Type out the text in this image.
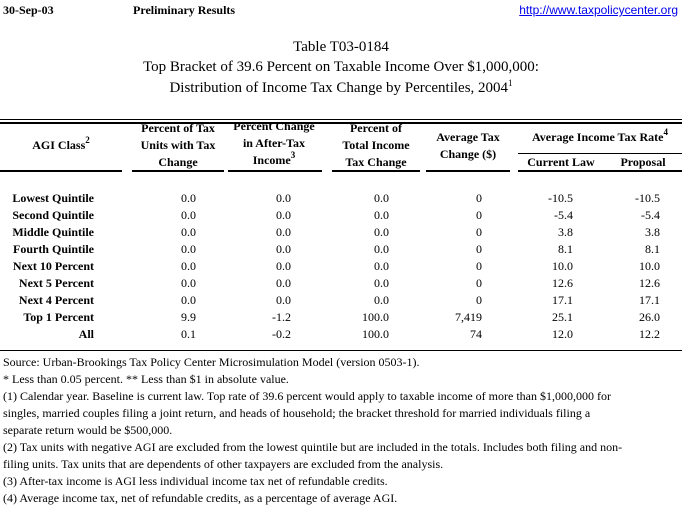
30-Sep-03	Preliminary Results	http://www.taxpolicycenter.org
Table T03-0184
Top Bracket of 39.6 Percent on Taxable Income Over $1,000,000:
Distribution of Income Tax Change by Percentiles, 2004$^1$
AGI Class$^2$
Percent of Tax
Units with Tax
Change
Percent Change
in After-Tax
Income$^3$
Percent of
Total Income
Tax Change
Average Tax
Change ($)
Average Income Tax Rate$^4$
Current Law	Proposal
Lowest Quintile	0.0	0.0	0.0	0	-10.5	-10.5
Second Quintile	0.0	0.0	0.0	0	-5.4	-5.4
Middle Quintile	0.0	0.0	0.0	0	3.8	3.8
Fourth Quintile	0.0	0.0	0.0	0	8.1	8.1
Next 10 Percent	0.0	0.0	0.0	0	10.0	10.0
Next 5 Percent	0.0	0.0	0.0	0	12.6	12.6
Next 4 Percent	0.0	0.0	0.0	0	17.1	17.1
Top 1 Percent	9.9	-1.2	100.0	7,419	25.1	26.0
All	0.1	-0.2	100.0	74	12.0	12.2
Source: Urban-Brookings Tax Policy Center Microsimulation Model (version 0503-1).
* Less than 0.05 percent. ** Less than $1 in absolute value.
(1) Calendar year. Baseline is current law. Top rate of 39.6 percent would apply to taxable income of more than $1,000,000 for
singles, married couples filing a joint return, and heads of household; the bracket threshold for married individuals filing a
separate return would be $500,000.
(2) Tax units with negative AGI are excluded from the lowest quintile but are included in the totals. Includes both filing and non-
filing units. Tax units that are dependents of other taxpayers are excluded from the analysis.
(3) After-tax income is AGI less individual income tax net of refundable credits.
(4) Average income tax, net of refundable credits, as a percentage of average AGI.
